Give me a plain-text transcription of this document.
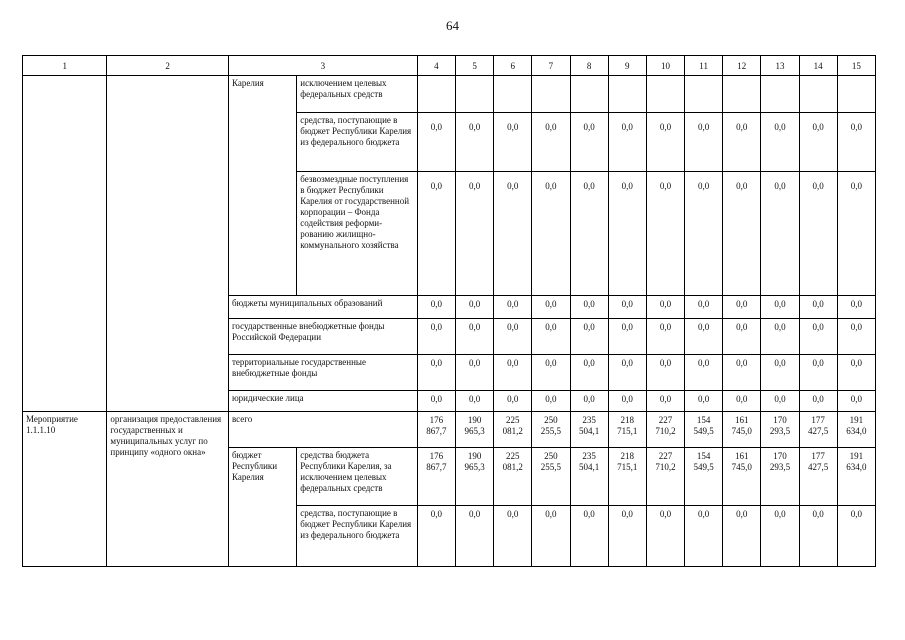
64
1	2	3		4	5	6	7	8	9	10	11	12	13	14	15
		Карелия	исключением целевых федеральных средств												
			средства, поступающие в бюджет Республики Карелия из федерального бюджета	0,0	0,0	0,0	0,0	0,0	0,0	0,0	0,0	0,0	0,0	0,0	0,0
			безвозмездные поступления в бюджет Республики Карелия от государственной корпорации – Фонда содействия реформи-рованию жилищно-коммунального хозяйства	0,0	0,0	0,0	0,0	0,0	0,0	0,0	0,0	0,0	0,0	0,0	0,0
		бюджеты муниципальных образований		0,0	0,0	0,0	0,0	0,0	0,0	0,0	0,0	0,0	0,0	0,0	0,0
		государственные внебюджетные фонды Российской Федерации		0,0	0,0	0,0	0,0	0,0	0,0	0,0	0,0	0,0	0,0	0,0	0,0
		территориальные государственные внебюджетные фонды		0,0	0,0	0,0	0,0	0,0	0,0	0,0	0,0	0,0	0,0	0,0	0,0
		юридические лица		0,0	0,0	0,0	0,0	0,0	0,0	0,0	0,0	0,0	0,0	0,0	0,0
Мероприятие 1.1.1.10	организация предоставления государственных и муниципальных услуг по принципу «одного окна»	всего		176 867,7	190 965,3	225 081,2	250 255,5	235 504,1	218 715,1	227 710,2	154 549,5	161 745,0	170 293,5	177 427,5	191 634,0
		бюджет Республики Карелия	средства бюджета Республики Карелия, за исключением целевых федеральных средств	176 867,7	190 965,3	225 081,2	250 255,5	235 504,1	218 715,1	227 710,2	154 549,5	161 745,0	170 293,5	177 427,5	191 634,0
			средства, поступающие в бюджет Республики Карелия из федерального бюджета	0,0	0,0	0,0	0,0	0,0	0,0	0,0	0,0	0,0	0,0	0,0	0,0
